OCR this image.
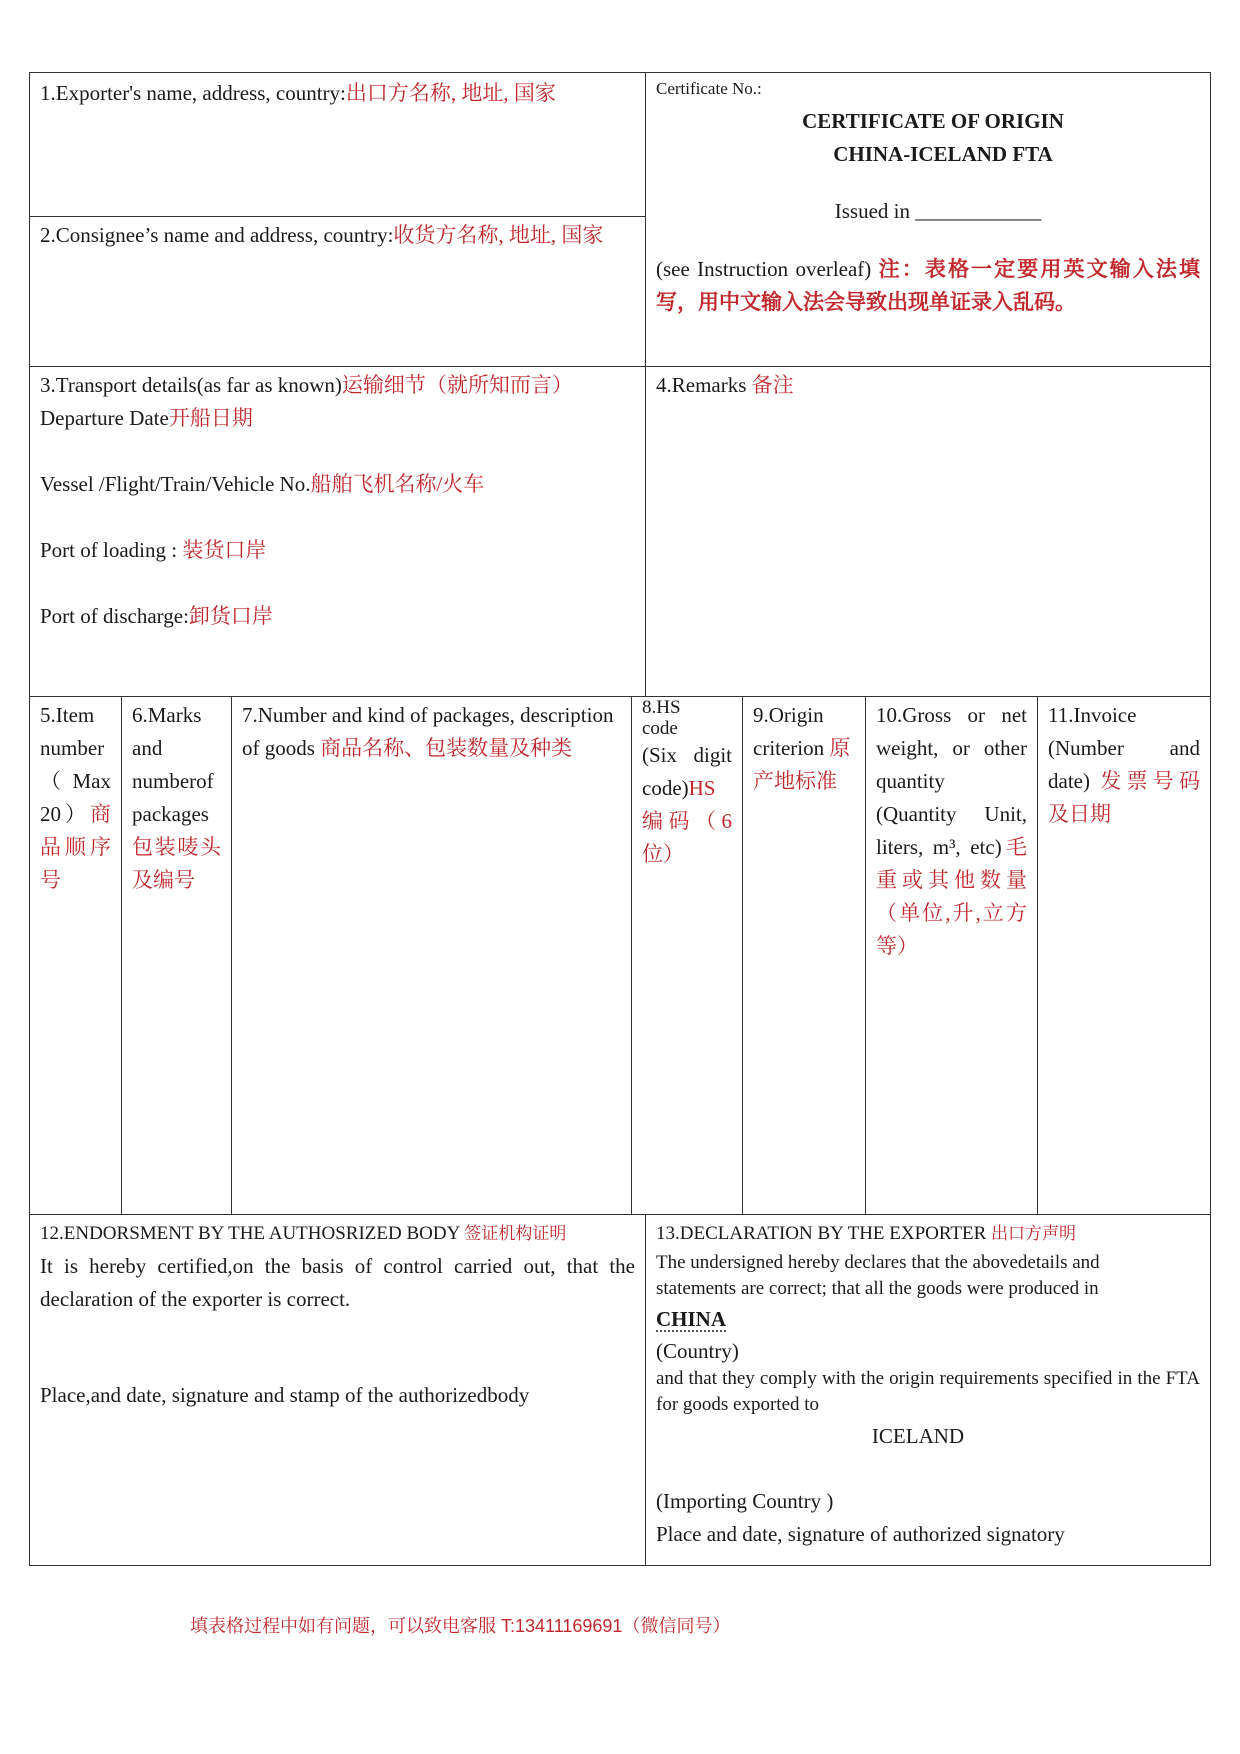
1.Exporter's name, address, country:出口方名称, 地址, 国家

2.Consignee’s name and address, country:收货方名称, 地址, 国家

Certificate No.:
CERTIFICATE OF ORIGIN
CHINA-ICELAND FTA
Issued in ____________

(see Instruction overleaf) 注：表格一定要用英文输入法填写，用中文输入法会导致出现单证录入乱码。

3.Transport details(as far as known)运输细节（就所知而言）

Departure Date开船日期

Vessel /Flight/Train/Vehicle No.船舶飞机名称/火车

Port of loading : 装货口岸

Port of discharge:卸货口岸

4.Remarks 备注

5.Item number（Max 20）商品顺序号

6.Marks and numberof packages包装唛头及编号

7.Number and kind of packages, description of goods 商品名称、包装数量及种类

8.HS code

(Six digit code)HS编码（6位）

9.Origin criterion 原产地标准

10.Gross or net weight, or other quantity (Quantity Unit, liters, m³, etc)毛重或其他数量（单位,升,立方等）

11.Invoice (Number and date) 发票号码及日期

12.ENDORSMENT BY THE AUTHOSRIZED BODY 签证机构证明

It is hereby certified,on the basis of control carried out, that the declaration of the exporter is correct.

Place,and date, signature and stamp of the authorizedbody

13.DECLARATION BY THE EXPORTER 出口方声明

The undersigned hereby declares that the abovedetails and
statements are correct; that all the goods were produced in
CHINA
(Country)
and that they comply with the origin requirements specified in the FTA for goods exported to
ICELAND
(Importing Country )
Place and date, signature of authorized signatory
填表格过程中如有问题，可以致电客服 T:13411169691（微信同号）
